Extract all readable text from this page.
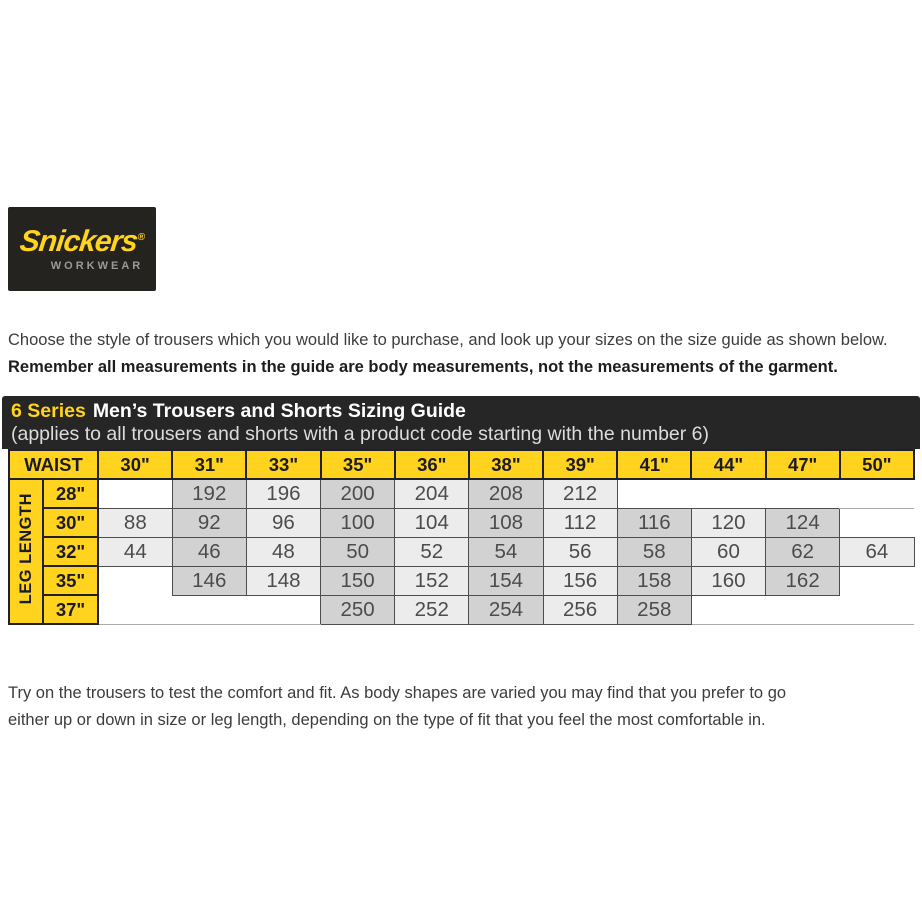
Snickers®
WORKWEAR

Choose the style of trousers which you would like to purchase, and look up your sizes on the size guide as shown below.

Remember all measurements in the guide are body measurements, not the measurements of the garment.

6 Series Men’s Trousers and Shorts Sizing Guide
(applies to all trousers and shorts with a product code starting with the number 6)
WAIST		30"	31"	33"	35"	36"	38"	39"	41"	44"	47"	50"
LEG LENGTH	28"		192	196	200	204	208	212				
	30"	88	92	96	100	104	108	112	116	120	124	
	32"	44	46	48	50	52	54	56	58	60	62	64
	35"		146	148	150	152	154	156	158	160	162	
	37"				250	252	254	256	258			

Try on the trousers to test the comfort and fit. As body shapes are varied you may find that you prefer to go
either up or down in size or leg length, depending on the type of fit that you feel the most comfortable in.
